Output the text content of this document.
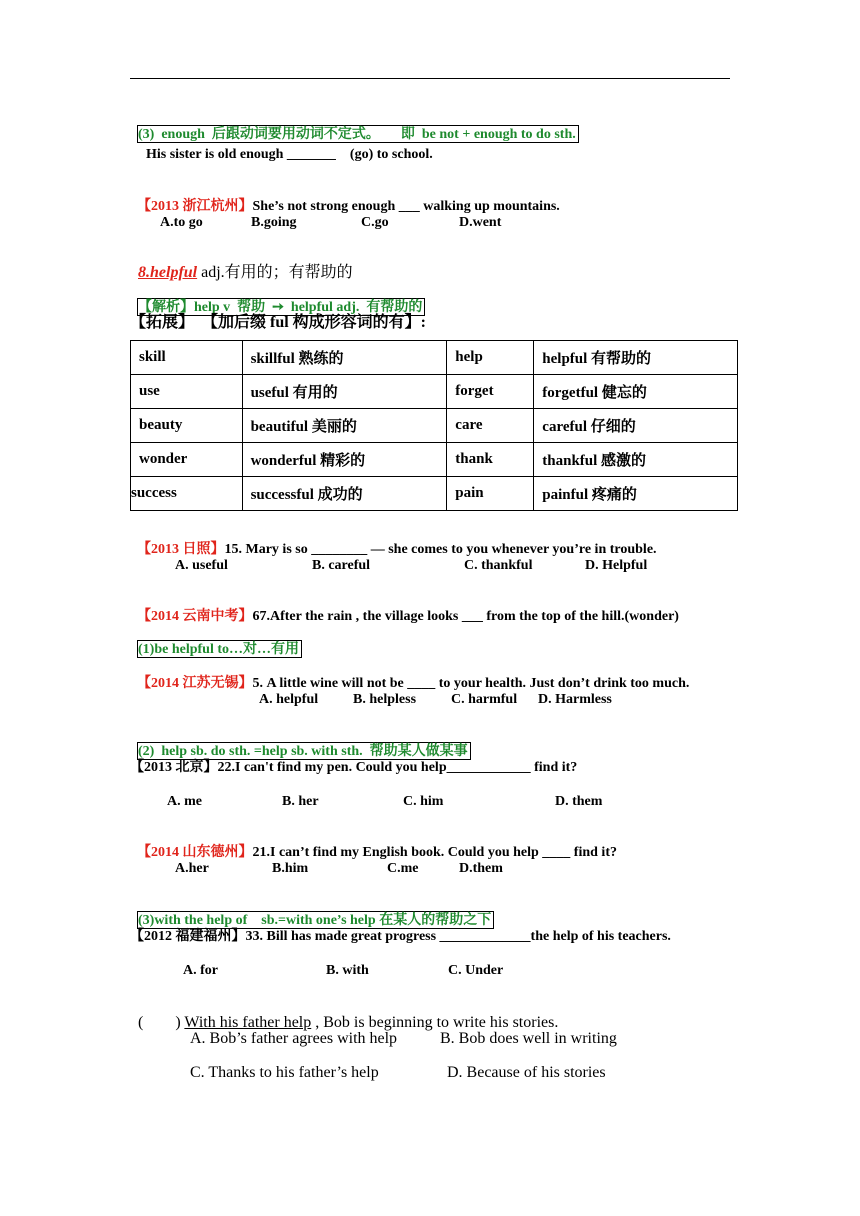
(3)  enough  后跟动词要用动词不定式。      即  be not + enough to do sth.

His sister is old enough _______    (go) to school.

【2013 浙江杭州】She’s not strong enough ___ walking up mountains.

A.to go	B.going	C.go	D.went

8.helpful adj.有用的；有帮助的

【解析】help v  帮助  ➙  helpful adj.  有帮助的

【拓展】  【加后缀 ful 构成形容词的有】:
skill	skillful 熟练的	help	helpful 有帮助的
use	useful 有用的	forget	forgetful 健忘的
beauty	beautiful 美丽的	care	careful 仔细的
wonder	wonderful 精彩的	thank	thankful 感激的
success	successful 成功的	pain	painful 疼痛的

【2013 日照】15. Mary is so ________ — she comes to you whenever you’re in trouble.

A. useful	B. careful	C. thankful	D. Helpful

【2014 云南中考】67.After the rain , the village looks ___ from the top of the hill.(wonder)

(1)be helpful to…对…有用

【2014 江苏无锡】5. A little wine will not be ____ to your health. Just don’t drink too much.

A. helpful B. helpless C. harmful D. Harmless

(2)  help sb. do sth. =help sb. with sth.  帮助某人做某事

【2013 北京】22.I can't find my pen. Could you help____________ find it?
A. me	B. her	C. him	D. them

【2014 山东德州】21.I can’t find my English book. Could you help ____ find it?

A.her	B.him	C.me	D.them

(3)with the help of    sb.=with one’s help 在某人的帮助之下

【2012 福建福州】33. Bill has made great progress _____________the help of his teachers.
A. for	B. with	C. Under

(        ) With his father help , Bob is beginning to write his stories.

A. Bob’s father agrees with help	B. Bob does well in writing
C. Thanks to his father’s help	D. Because of his stories
